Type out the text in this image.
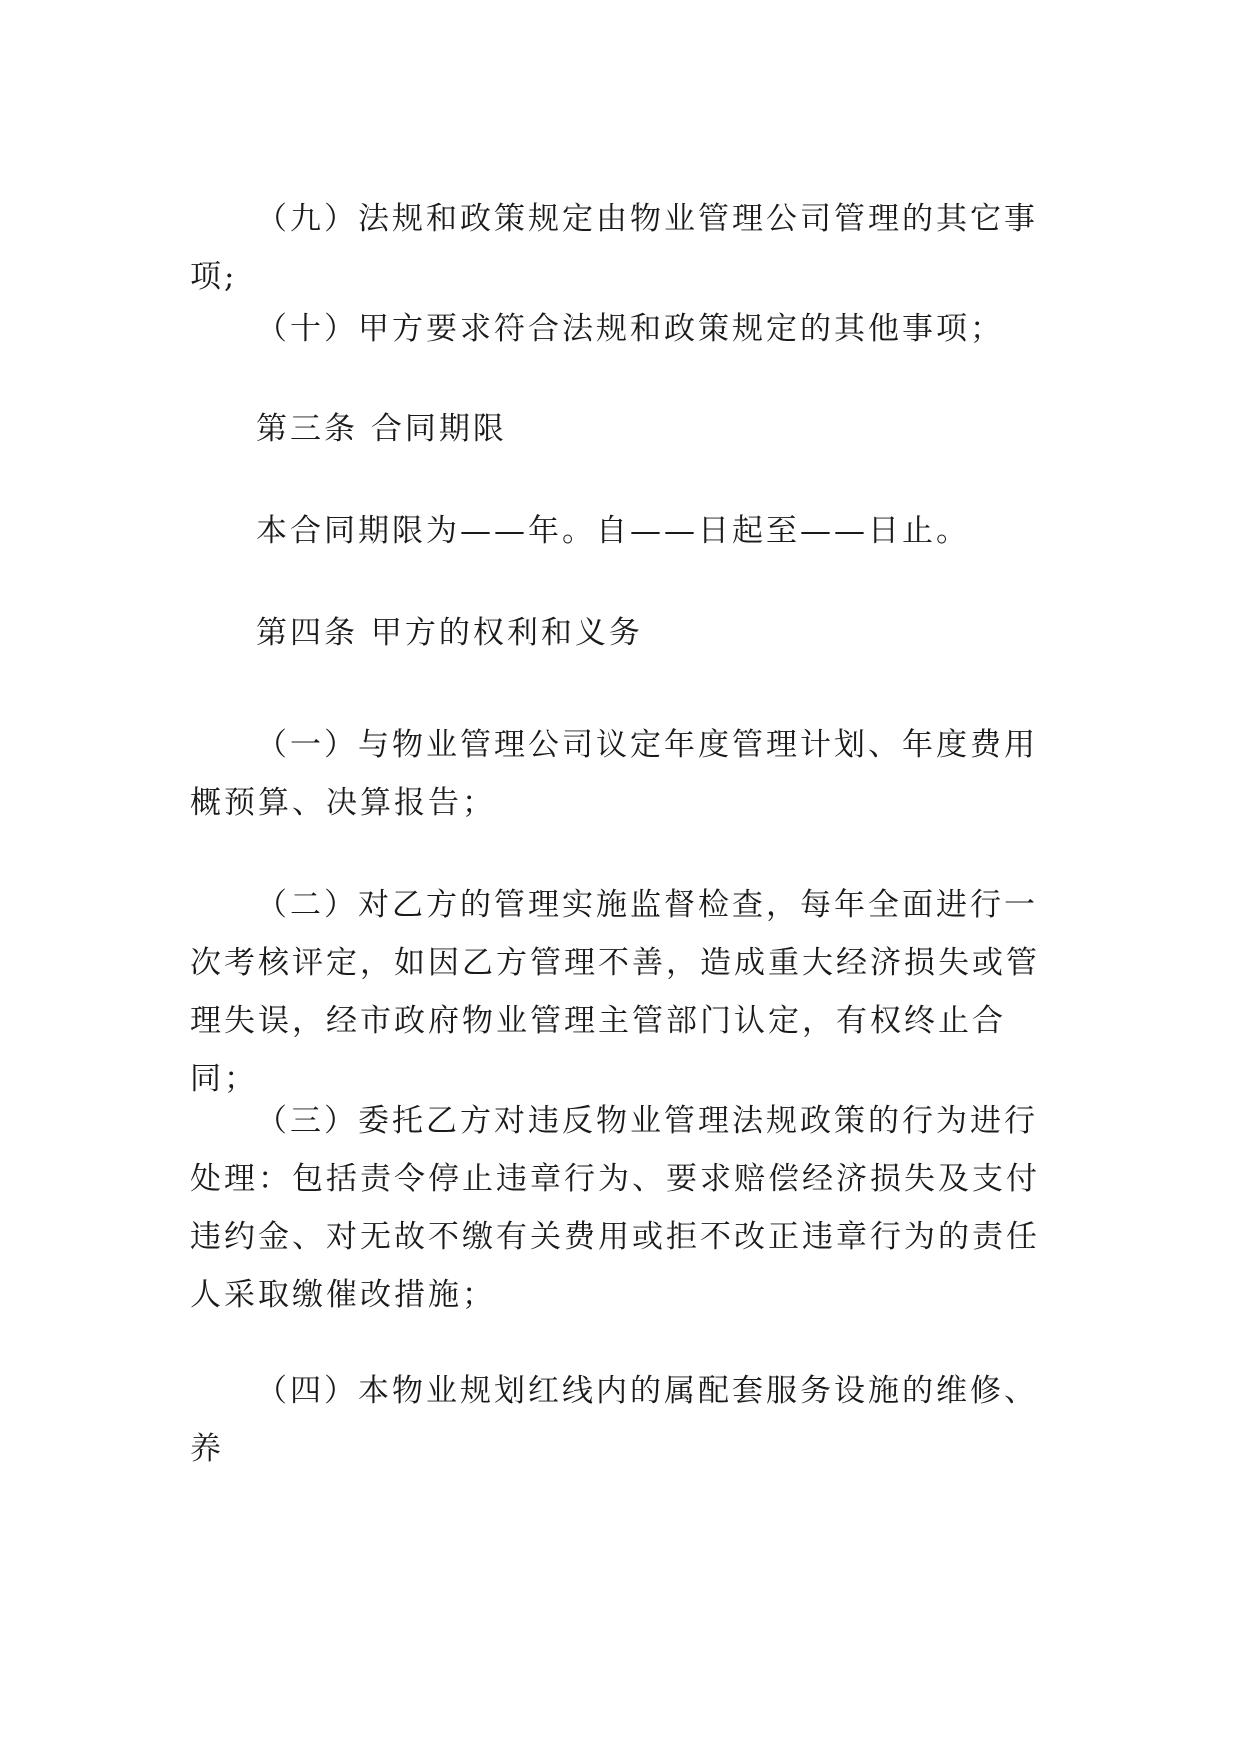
（九）法规和政策规定由物业管理公司管理的其它事项;

（十）甲方要求符合法规和政策规定的其他事项；

第三条 合同期限

本合同期限为——年。自——日起至——日止。

第四条 甲方的权利和义务

（一）与物业管理公司议定年度管理计划、年度费用概预算、决算报告；

（二）对乙方的管理实施监督检查，每年全面进行一次考核评定，如因乙方管理不善，造成重大经济损失或管理失误，经市政府物业管理主管部门认定，有权终止合同；

（三）委托乙方对违反物业管理法规政策的行为进行处理：包括责令停止违章行为、要求赔偿经济损失及支付违约金、对无故不缴有关费用或拒不改正违章行为的责任人采取缴催改措施；

（四）本物业规划红线内的属配套服务设施的维修、养
